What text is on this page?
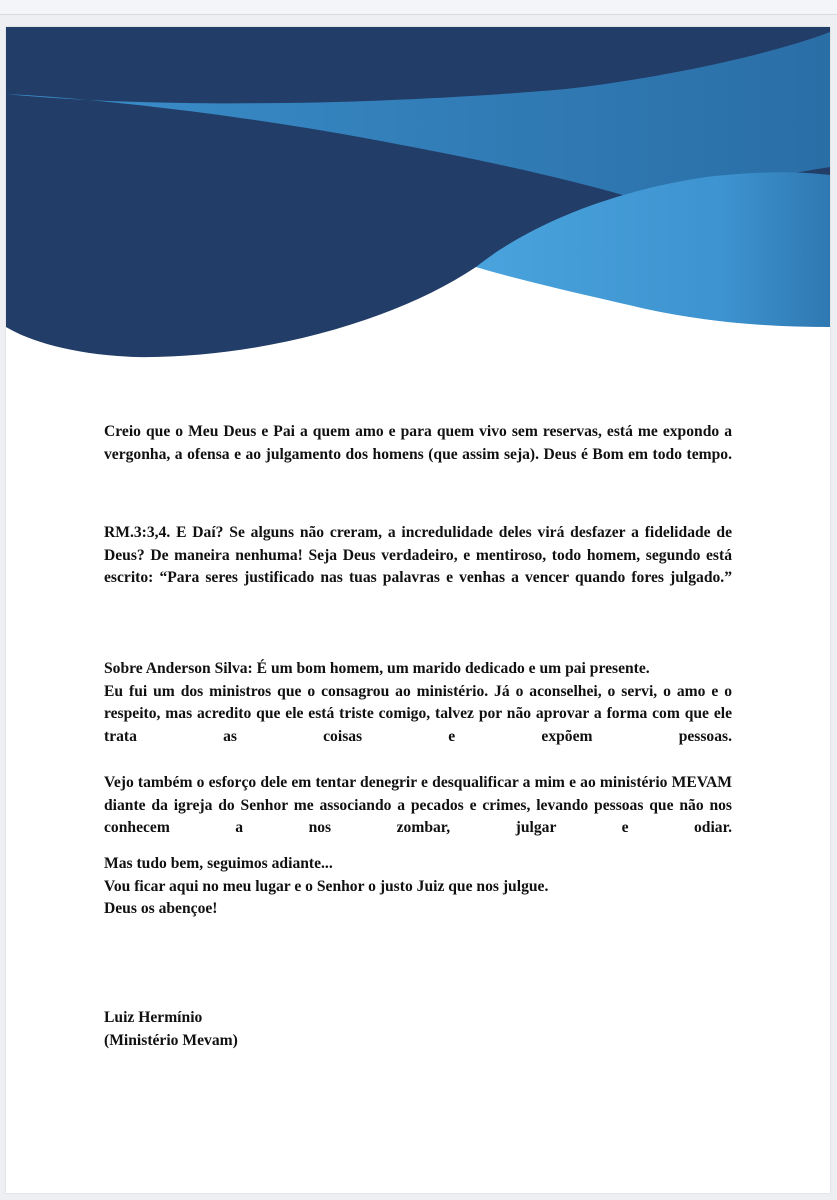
Creio que o Meu Deus e Pai a quem amo e para quem vivo sem reservas, está me expondo a vergonha, a ofensa e ao julgamento dos homens (que assim seja). Deus é Bom em todo tempo.
RM.3:3,4. E Daí? Se alguns não creram, a incredulidade deles virá desfazer a fidelidade de Deus? De maneira nenhuma! Seja Deus verdadeiro, e mentiroso, todo homem, segundo está escrito: “Para seres justificado nas tuas palavras e venhas a vencer quando fores julgado.”
Sobre Anderson Silva: É um bom homem, um marido dedicado e um pai presente.
Eu fui um dos ministros que o consagrou ao ministério. Já o aconselhei, o servi, o amo e o respeito, mas acredito que ele está triste comigo, talvez por não aprovar a forma com que ele trata as coisas e expõem pessoas.
Vejo também o esforço dele em tentar denegrir e desqualificar a mim e ao ministério MEVAM diante da igreja do Senhor me associando a pecados e crimes, levando pessoas que não nos conhecem a nos zombar, julgar e odiar.
Mas tudo bem, seguimos adiante...
Vou ficar aqui no meu lugar e o Senhor o justo Juiz que nos julgue.
Deus os abençoe!
Luiz Hermínio
(Ministério Mevam)
